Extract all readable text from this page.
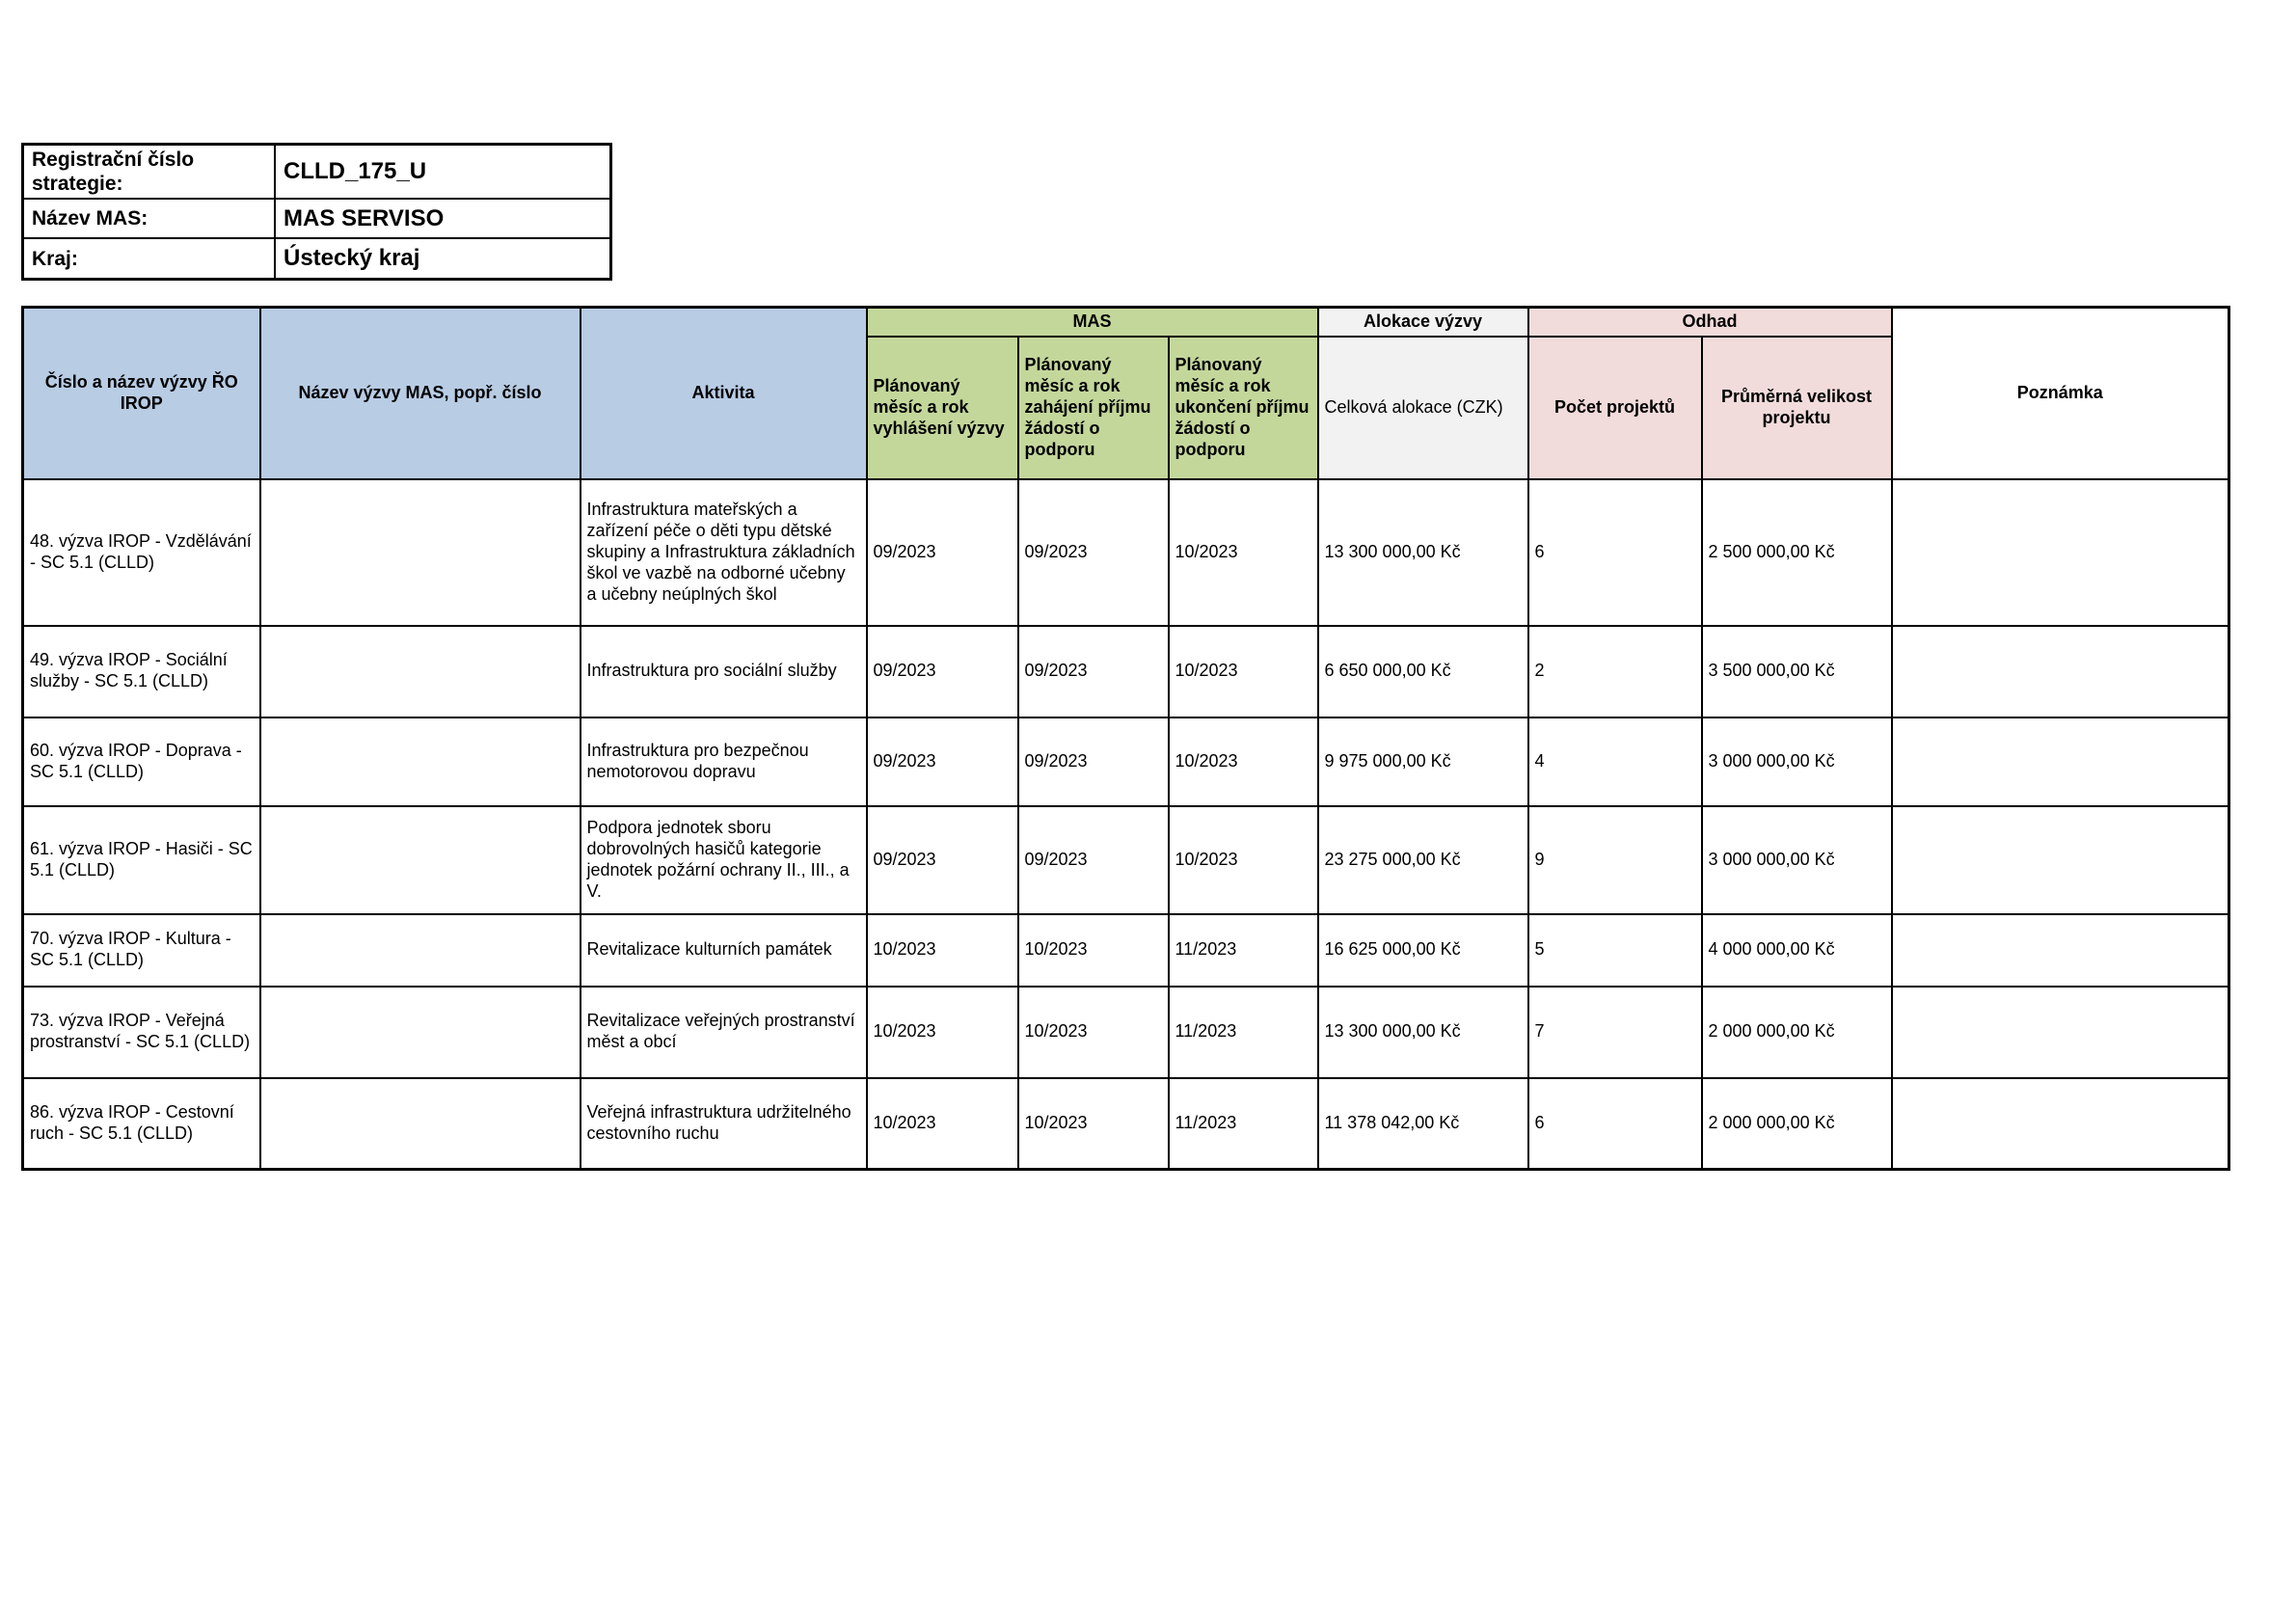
Registrační číslo strategie:	CLLD_175_U
Název MAS:	MAS SERVISO
Kraj:	Ústecký kraj
Číslo a název výzvy ŘO IROP	Název výzvy MAS, popř. číslo	Aktivita	MAS			Alokace výzvy	Odhad		Poznámka
			Plánovaný měsíc a rok vyhlášení výzvy	Plánovaný měsíc a rok zahájení příjmu žádostí o podporu	Plánovaný měsíc a rok ukončení příjmu žádostí o podporu	Celková alokace (CZK)	Počet projektů	Průměrná velikost projektu	
48. výzva IROP - Vzdělávání - SC 5.1 (CLLD)		Infrastruktura mateřských a zařízení péče o děti typu dětské skupiny a Infrastruktura základních škol ve vazbě na odborné učebny a učebny neúplných škol	09/2023	09/2023	10/2023	13 300 000,00 Kč	6	2 500 000,00 Kč	
49. výzva IROP - Sociální služby - SC 5.1 (CLLD)		Infrastruktura pro sociální služby	09/2023	09/2023	10/2023	6 650 000,00 Kč	2	3 500 000,00 Kč	
60. výzva IROP - Doprava - SC 5.1 (CLLD)		Infrastruktura pro bezpečnou nemotorovou dopravu	09/2023	09/2023	10/2023	9 975 000,00 Kč	4	3 000 000,00 Kč	
61. výzva IROP - Hasiči - SC 5.1 (CLLD)		Podpora jednotek sboru dobrovolných hasičů kategorie jednotek požární ochrany II., III., a V.	09/2023	09/2023	10/2023	23 275 000,00 Kč	9	3 000 000,00 Kč	
70. výzva IROP - Kultura - SC 5.1 (CLLD)		Revitalizace kulturních památek	10/2023	10/2023	11/2023	16 625 000,00 Kč	5	4 000 000,00 Kč	
73. výzva IROP - Veřejná prostranství - SC 5.1 (CLLD)		Revitalizace veřejných prostranství měst a obcí	10/2023	10/2023	11/2023	13 300 000,00 Kč	7	2 000 000,00 Kč	
86. výzva IROP - Cestovní ruch - SC 5.1 (CLLD)		Veřejná infrastruktura udržitelného cestovního ruchu	10/2023	10/2023	11/2023	11 378 042,00 Kč	6	2 000 000,00 Kč	
